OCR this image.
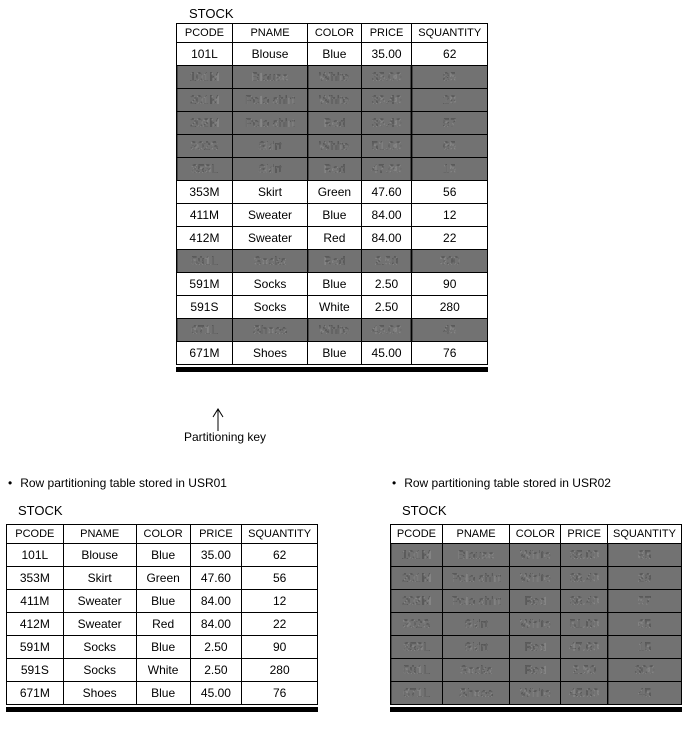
STOCK
PCODE	PNAME	COLOR	PRICE	SQUANTITY
101L	Blouse	Blue	35.00	62
101M	Blouse	White	35.00	85
201M	Polo shirt	White	36.40	29
202M	Polo shirt	Red	36.40	57
302S	Skirt	White	51.00	65
353L	Skirt	Red	47.60	15
353M	Skirt	Green	47.60	56
411M	Sweater	Blue	84.00	12
412M	Sweater	Red	84.00	22
591L	Socks	Red	2.50	300
591M	Socks	Blue	2.50	90
591S	Socks	White	2.50	280
671L	Shoes	White	45.00	45
671M	Shoes	Blue	45.00	76
Partitioning key
• Row partitioning table stored in USR01
STOCK
PCODE	PNAME	COLOR	PRICE	SQUANTITY
101L	Blouse	Blue	35.00	62
353M	Skirt	Green	47.60	56
411M	Sweater	Blue	84.00	12
412M	Sweater	Red	84.00	22
591M	Socks	Blue	2.50	90
591S	Socks	White	2.50	280
671M	Shoes	Blue	45.00	76
• Row partitioning table stored in USR02
STOCK
PCODE	PNAME	COLOR	PRICE	SQUANTITY
101M	Blouse	White	35.00	85
201M	Polo shirt	White	36.40	29
202M	Polo shirt	Red	36.40	57
302S	Skirt	White	51.00	65
353L	Skirt	Red	47.60	15
591L	Socks	Red	2.50	300
671L	Shoes	White	45.00	45
